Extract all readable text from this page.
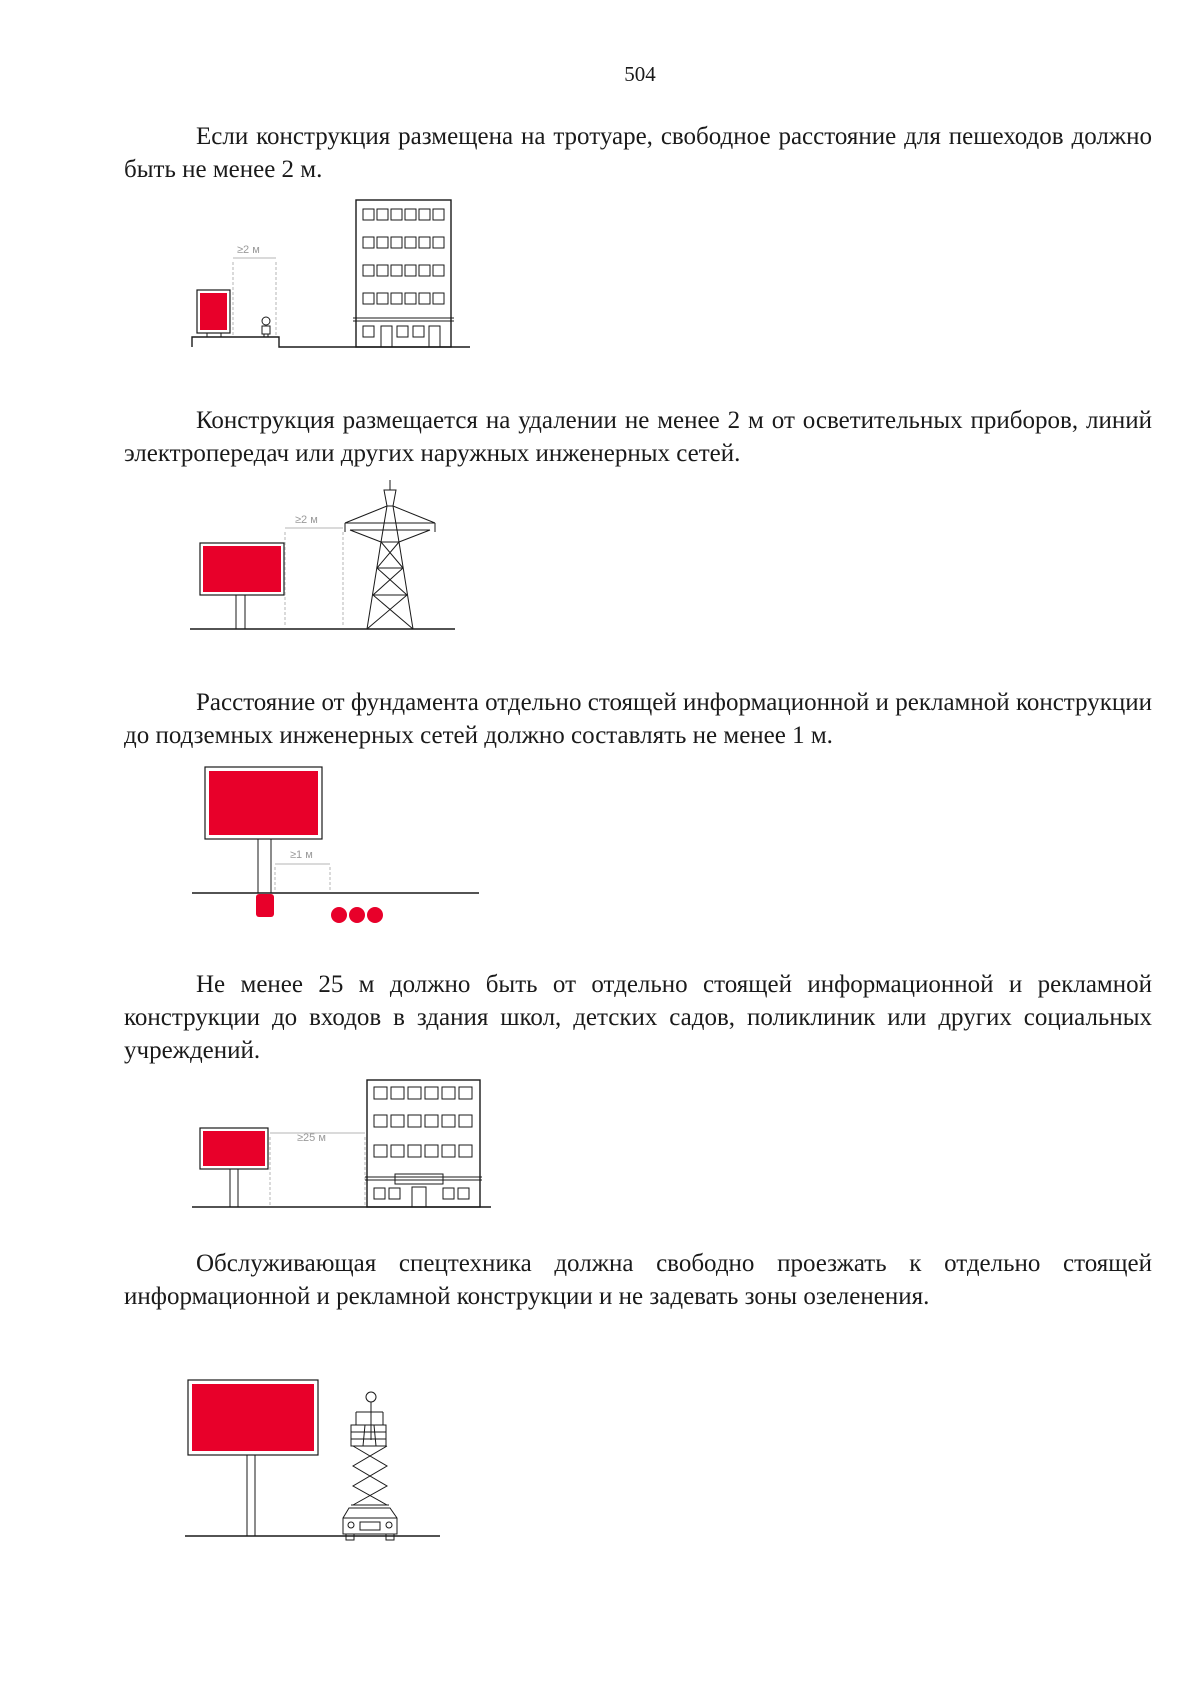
504

Если конструкция размещена на тротуаре, свободное расстояние для пешеходов должно быть не менее 2 м.

≥2 м

Конструкция размещается на удалении не менее 2 м от осветительных приборов, линий электропередач или других наружных инженерных сетей.

≥2 м

Расстояние от фундамента отдельно стоящей информационной и рекламной конструкции до подземных инженерных сетей должно составлять не менее 1 м.

≥1 м

Не менее 25 м должно быть от отдельно стоящей информационной и рекламной конструкции до входов в здания школ, детских садов, поликлиник или других социальных учреждений.

≥25 м

Обслуживающая спецтехника должна свободно проезжать к отдельно стоящей информационной и рекламной конструкции и не задевать зоны озеленения.
